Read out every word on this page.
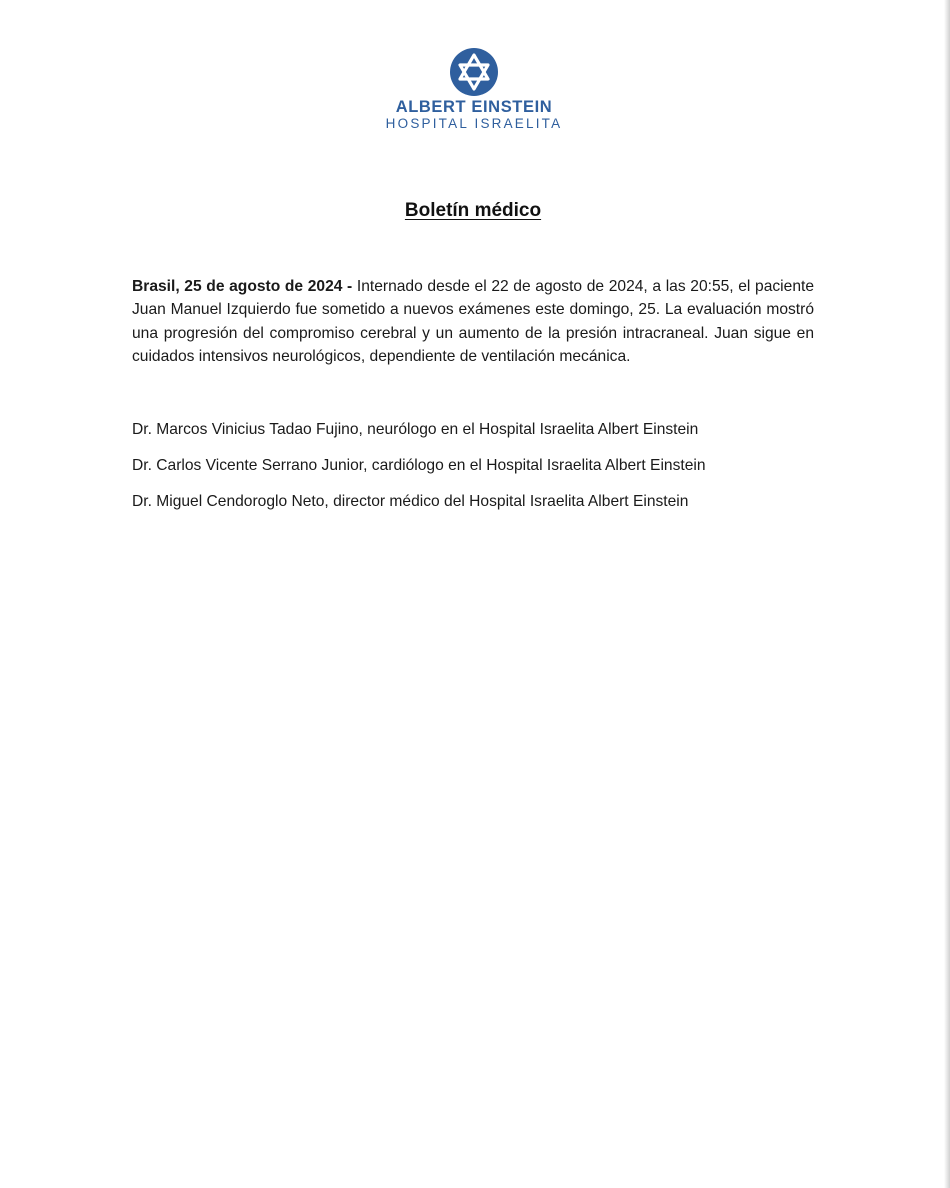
ALBERT EINSTEIN
HOSPITAL ISRAELITA
Boletín médico
Brasil, 25 de agosto de 2024 - Internado desde el 22 de agosto de 2024, a las 20:55, el paciente Juan Manuel Izquierdo fue sometido a nuevos exámenes este domingo, 25. La evaluación mostró una progresión del compromiso cerebral y un aumento de la presión intracraneal. Juan sigue en cuidados intensivos neurológicos, dependiente de ventilación mecánica.
Dr. Marcos Vinicius Tadao Fujino, neurólogo en el Hospital Israelita Albert Einstein
Dr. Carlos Vicente Serrano Junior, cardiólogo en el Hospital Israelita Albert Einstein
Dr. Miguel Cendoroglo Neto, director médico del Hospital Israelita Albert Einstein
